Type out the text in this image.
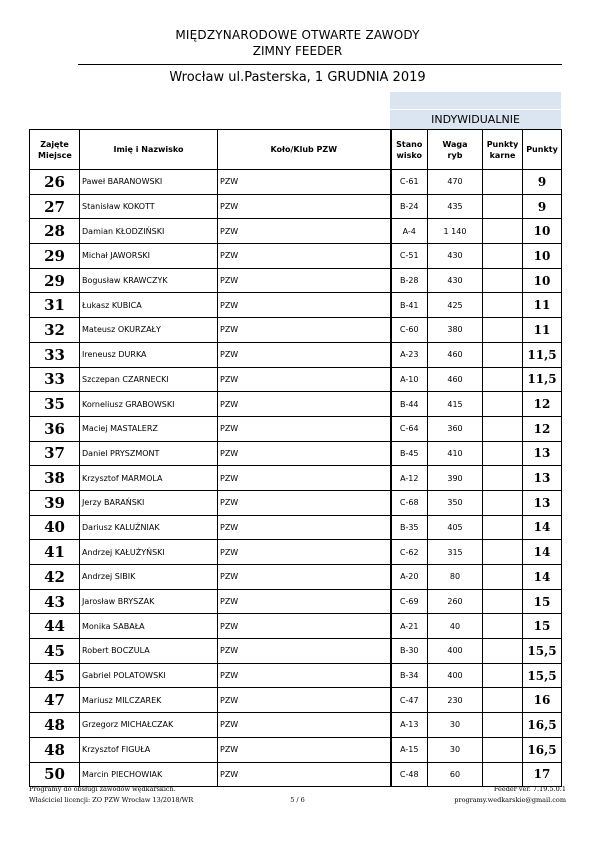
MIĘDZYNARODOWE OTWARTE ZAWODY
ZIMNY FEEDER
Wrocław ul.Pasterska, 1 GRUDNIA 2019
INDYWIDUALNIE
Zajęte Miejsce	Imię i Nazwisko	Koło/Klub PZW	Stano wisko	Waga ryb	Punkty karne	Punkty
26	Paweł BARANOWSKI	PZW	C-61	470		9
27	Stanisław KOKOTT	PZW	B-24	435		9
28	Damian KŁODZIŃSKI	PZW	A-4	1 140		10
29	Michał JAWORSKI	PZW	C-51	430		10
29	Bogusław KRAWCZYK	PZW	B-28	430		10
31	Łukasz KUBICA	PZW	B-41	425		11
32	Mateusz OKURZAŁY	PZW	C-60	380		11
33	Ireneusz DURKA	PZW	A-23	460		11,5
33	Szczepan CZARNECKI	PZW	A-10	460		11,5
35	Korneliusz GRABOWSKI	PZW	B-44	415		12
36	Maciej MASTALERZ	PZW	C-64	360		12
37	Daniel PRYSZMONT	PZW	B-45	410		13
38	Krzysztof MARMOLA	PZW	A-12	390		13
39	Jerzy BARAŃSKI	PZW	C-68	350		13
40	Dariusz KALUŹNIAK	PZW	B-35	405		14
41	Andrzej KAŁUŻYŃSKI	PZW	C-62	315		14
42	Andrzej SIBIK	PZW	A-20	80		14
43	Jarosław BRYSZAK	PZW	C-69	260		15
44	Monika SABAŁA	PZW	A-21	40		15
45	Robert BOCZULA	PZW	B-30	400		15,5
45	Gabriel POLATOWSKI	PZW	B-34	400		15,5
47	Mariusz MILCZAREK	PZW	C-47	230		16
48	Grzegorz MICHAŁCZAK	PZW	A-13	30		16,5
48	Krzysztof FIGUŁA	PZW	A-15	30		16,5
50	Marcin PIECHOWIAK	PZW	C-48	60		17
Programy do obsługi zawodów wędkarskich.
Właściciel licencji: ZO PZW Wrocław 13/2018/WR	5 / 6
Feeder ver. 7.19.5.0.1
programy.wedkarskie@gmail.com
